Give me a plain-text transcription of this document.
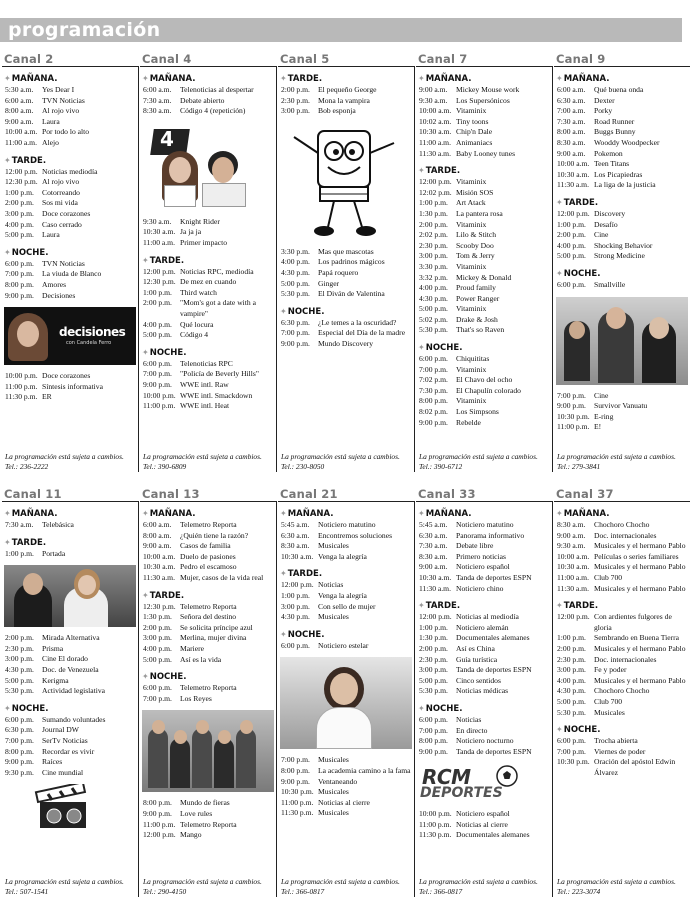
programación
Canal 2
✦MAÑANA.
5:30 a.m.	Yes Dear I
6:00 a.m.	TVN Noticias
8:00 a.m.	Al rojo vivo
9:00 a.m.	Laura
10:00 a.m. Por todo lo alto
11:00 a.m. Alejo
✦TARDE.
12:00 p.m. Noticias mediodía
12:30 p.m. Al rojo vivo
1:00 p.m.	Cotorreando
2:00 p.m.	Sos mi vida
3:00 p.m.	Doce corazones
4:00 p.m.	Caso cerrado
5:00 p.m.	Laura
✦NOCHE.
6:00 p.m.	TVN Noticias
7:00 p.m.	La viuda de Blanco
8:00 p.m.	Amores
9:00 p.m.	Decisiones
decisiones
con Candela Ferro
10:00 p.m. Doce corazones
11:00 p.m. Síntesis informativa
11:30 p.m. ER
La programación está sujeta a cambios. Tel.: 236-2222
Canal 4
✦MAÑANA.
6:00 a.m.	Telenoticias al despertar
7:30 a.m.	Debate abierto
8:30 a.m.	Código 4 (repetición)
4
9:30 a.m.	Knight Rider
10:30 a.m. Ja ja ja
11:00 a.m. Primer impacto
✦TARDE.
12:00 p.m. Noticias RPC, mediodía
12:30 p.m. De mez en cuando
1:00 p.m.	Third watch
2:00 p.m.	"Mom's got a date with a vampire"
4:00 p.m.	Qué locura
5:00 p.m.	Código 4
✦NOCHE.
6:00 p.m.	Telenoticias RPC
7:00 p.m.	"Policía de Beverly Hills"
9:00 p.m.	WWE intl. Raw
10:00 p.m. WWE intl. Smackdown
11:00 p.m. WWE intl. Heat
La programación está sujeta a cambios. Tel.: 390-6809
Canal 5
✦TARDE.
2:00 p.m.	El pequeño George
2:30 p.m.	Mona la vampira
3:00 p.m.	Bob esponja
3:30 p.m.	Mas que mascotas
4:00 p.m.	Los padrinos mágicos
4:30 p.m.	Papá roquero
5:00 p.m.	Ginger
5:30 p.m.	El Diván de Valentina
✦NOCHE.
6:30 p.m.	¿Le temes a la oscuridad?
7:00 p.m.	Especial del Día de la madre
9:00 p.m.	Mundo Discovery
La programación está sujeta a cambios. Tel.: 230-8050
Canal 7
✦MAÑANA.
9:00 a.m.	Mickey Mouse work
9:30 a.m.	Los Supersónicos
10:00 a.m. Vitaminix
10:02 a.m. Tiny toons
10:30 a.m. Chip'n Dale
11:00 a.m. Animaniacs
11:30 a.m. Baby Looney tunes
✦TARDE.
12:00 p.m. Vitaminix
12:02 p.m. Misión SOS
1:00 p.m.	Art Atack
1:30 p.m.	La pantera rosa
2:00 p.m.	Vitaminix
2:02 p.m.	Lilo & Stitch
2:30 p.m.	Scooby Doo
3:00 p.m.	Tom & Jerry
3:30 p.m.	Vitaminix
3:32 p.m.	Mickey & Donald
4:00 p.m.	Proud family
4:30 p.m.	Power Ranger
5:00 p.m.	Vitaminix
5:02 p.m.	Drake & Josh
5:30 p.m.	That's so Raven
✦NOCHE.
6:00 p.m.	Chiquititas
7:00 p.m.	Vitaminix
7:02 p.m.	El Chavo del ocho
7:30 p.m.	El Chapulín colorado
8:00 p.m.	Vitaminix
8:02 p.m.	Los Simpsons
9:00 p.m.	Rebelde
La programación está sujeta a cambios. Tel.: 390-6712
Canal 9
✦MAÑANA.
6:00 a.m.	Qué buena onda
6:30 a.m.	Dexter
7:00 a.m.	Porky
7:30 a.m.	Road Runner
8:00 a.m.	Buggs Bunny
8:30 a.m.	Wooddy Woodpecker
9:00 a.m.	Pokemon
10:00 a.m. Teen Titans
10:30 a.m. Los Picapiedras
11:30 a.m. La liga de la justicia
✦TARDE.
12:00 p.m. Discovery
1:00 p.m.	Desafío
2:00 p.m.	Cine
4:00 p.m.	Shocking Behavior
5:00 p.m.	Strong Medicine
✦NOCHE.
6:00 p.m.	Smallville
7:00 p.m.	Cine
9:00 p.m.	Survivor Vanuatu
10:30 p.m. E-ring
11:00 p.m. E!
La programación está sujeta a cambios. Tel.: 279-3841
Canal 11
✦MAÑANA.
7:30 a.m.	Telebásica
✦TARDE.
1:00 p.m.	Portada
2:00 p.m.	Mirada Alternativa
2:30 p.m.	Prisma
3:00 p.m.	Cine El dorado
4:30 p.m.	Doc. de Venezuela
5:00 p.m.	Kerigma
5:30 p.m.	Actividad legislativa
✦NOCHE.
6:00 p.m.	Sumando voluntades
6:30 p.m.	Journal DW
7:00 p.m.	SerTv Noticias
8:00 p.m.	Recordar es vivir
9:00 p.m.	Raíces
9:30 p.m.	Cine mundial
La programación está sujeta a cambios. Tel.: 507-1541
Canal 13
✦MAÑANA.
6:00 a.m.	Telemetro Reporta
8:00 a.m.	¿Quién tiene la razón?
9:00 a.m.	Casos de familia
10:00 a.m. Duelo de pasiones
10:30 a.m. Pedro el escamoso
11:30 a.m. Mujer, casos de la vida real
✦TARDE.
12:30 p.m. Telemetro Reporta
1:30 p.m.	Señora del destino
2:00 p.m.	Se solicita príncipe azul
3:00 p.m.	Merlina, mujer divina
4:00 p.m.	Mariere
5:00 p.m.	Así es la vida
✦NOCHE.
6:00 p.m.	Telemetro Reporta
7:00 p.m.	Los Reyes
8:00 p.m.	Mundo de fieras
9:00 p.m.	Love rules
11:00 p.m. Telemetro Reporta
12:00 p.m. Mango
La programación está sujeta a cambios. Tel.: 290-4150
Canal 21
✦MAÑANA.
5:45 a.m.	Noticiero matutino
6:30 a.m.	Encontremos soluciones
8:30 a.m.	Musicales
10:30 a.m. Venga la alegría
✦TARDE.
12:00 p.m. Noticias
1:00 p.m.	Venga la alegría
3:00 p.m.	Con sello de mujer
4:30 p.m.	Musicales
✦NOCHE.
6:00 p.m.	Noticiero estelar
7:00 p.m.	Musicales
8:00 p.m.	La academia camino a la fama
9:00 p.m.	Ventaneando
10:30 p.m. Musicales
11:00 p.m. Noticias al cierre
11:30 p.m. Musicales
La programación está sujeta a cambios. Tel.: 366-0817
Canal 33
✦MAÑANA.
5:45 a.m.	Noticiero matutino
6:30 a.m.	Panorama informativo
7:30 a.m.	Debate libre
8:30 a.m.	Primero noticias
9:00 a.m.	Noticiero español
10:30 a.m. Tanda de deportes ESPN
11:30 a.m. Noticiero chino
✦TARDE.
12:00 p.m. Noticias al mediodía
1:00 p.m.	Noticiero alemán
1:30 p.m.	Documentales alemanes
2:00 p.m.	Así es China
2:30 p.m.	Guía turística
3:00 p.m.	Tanda de deportes ESPN
5:00 p.m.	Cinco sentidos
5:30 p.m.	Noticias médicas
✦NOCHE.
6:00 p.m.	Noticias
7:00 p.m.	En directo
8:00 p.m.	Noticiero nocturno
9:00 p.m.	Tanda de deportes ESPN
RCM
DEPORTES
10:00 p.m. Noticiero español
11:00 p.m. Noticias al cierre
11:30 p.m. Documentales alemanes
La programación está sujeta a cambios. Tel.: 366-0817
Canal 37
✦MAÑANA.
8:30 a.m.	Chochoro Chocho
9:00 a.m.	Doc. internacionales
9:30 a.m.	Musicales y el hermano Pablo
10:00 a.m. Películas o series familiares
10:30 a.m. Musicales y el hermano Pablo
11:00 a.m. Club 700
11:30 a.m. Musicales y el hermano Pablo
✦TARDE.
12:00 p.m. Con ardientes fulgores de gloria
1:00 p.m.	Sembrando en Buena Tierra
2:00 p.m.	Musicales y el hermano Pablo
2:30 p.m.	Doc. internacionales
3:00 p.m.	Fe y poder
4:00 p.m.	Musicales y el hermano Pablo
4:30 p.m.	Chochoro Chocho
5:00 p.m.	Club 700
5:30 p.m.	Musicales
✦NOCHE.
6:00 p.m.	Trocha abierta
7:00 p.m.	Viernes de poder
10:30 p.m. Oración del apóstol Edwin Álvarez
La programación está sujeta a cambios. Tel.: 223-3074
